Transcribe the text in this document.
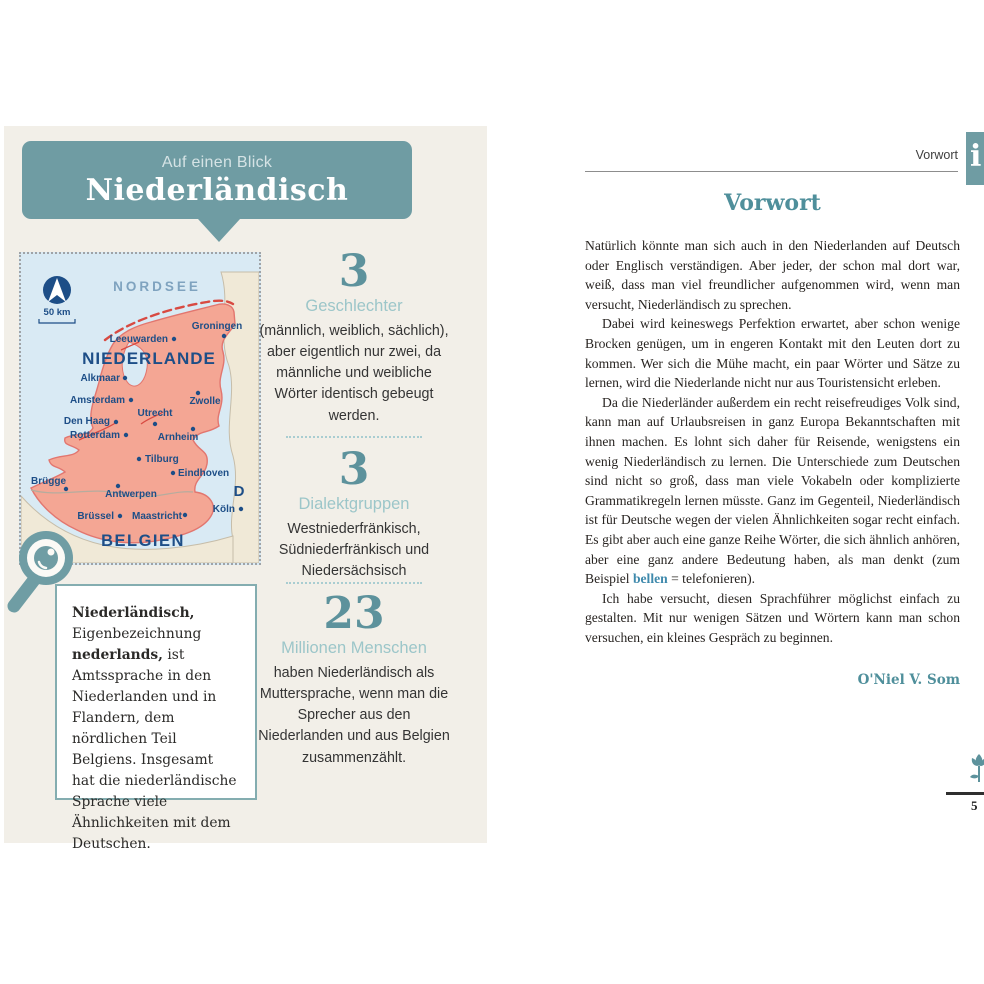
Auf einen Blick
Niederländisch
50 km
NORDSEE
NIEDERLANDE
BELGIEN
D
Leeuwarden
Groningen
Alkmaar
Amsterdam	Zwolle
Utrecht
Den Haag
Rotterdam	Arnheim
Tilburg
Eindhoven
Brügge
Antwerpen
Brüssel Maastricht
Köln
Niederländisch, Eigenbezeichnung nederlands, ist Amtssprache in den Niederlanden und in Flandern, dem nördlichen Teil Belgiens. Insgesamt hat die niederländische Sprache viele Ähnlichkeiten mit dem Deutschen.
3
Geschlechter
(männlich, weiblich, sächlich), aber eigentlich nur zwei, da männliche und weibliche Wörter identisch gebeugt werden.
3
Dialektgruppen
Westniederfränkisch, Südniederfränkisch und Niedersächsisch
23
Millionen Menschen
haben Niederländisch als Muttersprache, wenn man die Sprecher aus den Niederlanden und aus Belgien zusammenzählt.
Vorwort
Vorwort

Natürlich könnte man sich auch in den Niederlanden auf Deutsch oder Englisch verständigen. Aber jeder, der schon mal dort war, weiß, dass man viel freundlicher aufgenommen wird, wenn man versucht, Niederländisch zu sprechen.

Dabei wird keineswegs Perfektion erwartet, aber schon wenige Brocken genügen, um in engeren Kontakt mit den Leuten dort zu kommen. Wer sich die Mühe macht, ein paar Wörter und Sätze zu lernen, wird die Niederlande nicht nur aus Touristensicht erleben.

Da die Niederländer außerdem ein recht reisefreudiges Volk sind, kann man auf Urlaubsreisen in ganz Europa Bekanntschaften mit ihnen machen. Es lohnt sich daher für Reisende, wenigstens ein wenig Niederländisch zu lernen. Die Unterschiede zum Deutschen sind nicht so groß, dass man viele Vokabeln oder komplizierte Grammatikregeln lernen müsste. Ganz im Gegenteil, Niederländisch ist für Deutsche wegen der vielen Ähnlichkeiten sogar recht einfach. Es gibt aber auch eine ganze Reihe Wörter, die sich ähnlich anhören, aber eine ganz andere Bedeutung haben, als man denkt (zum Beispiel bellen = telefonieren).

Ich habe versucht, diesen Sprachführer möglichst einfach zu gestalten. Mit nur wenigen Sätzen und Wörtern kann man schon versuchen, ein kleines Gespräch zu beginnen.

O'Niel V. Som
i
5
